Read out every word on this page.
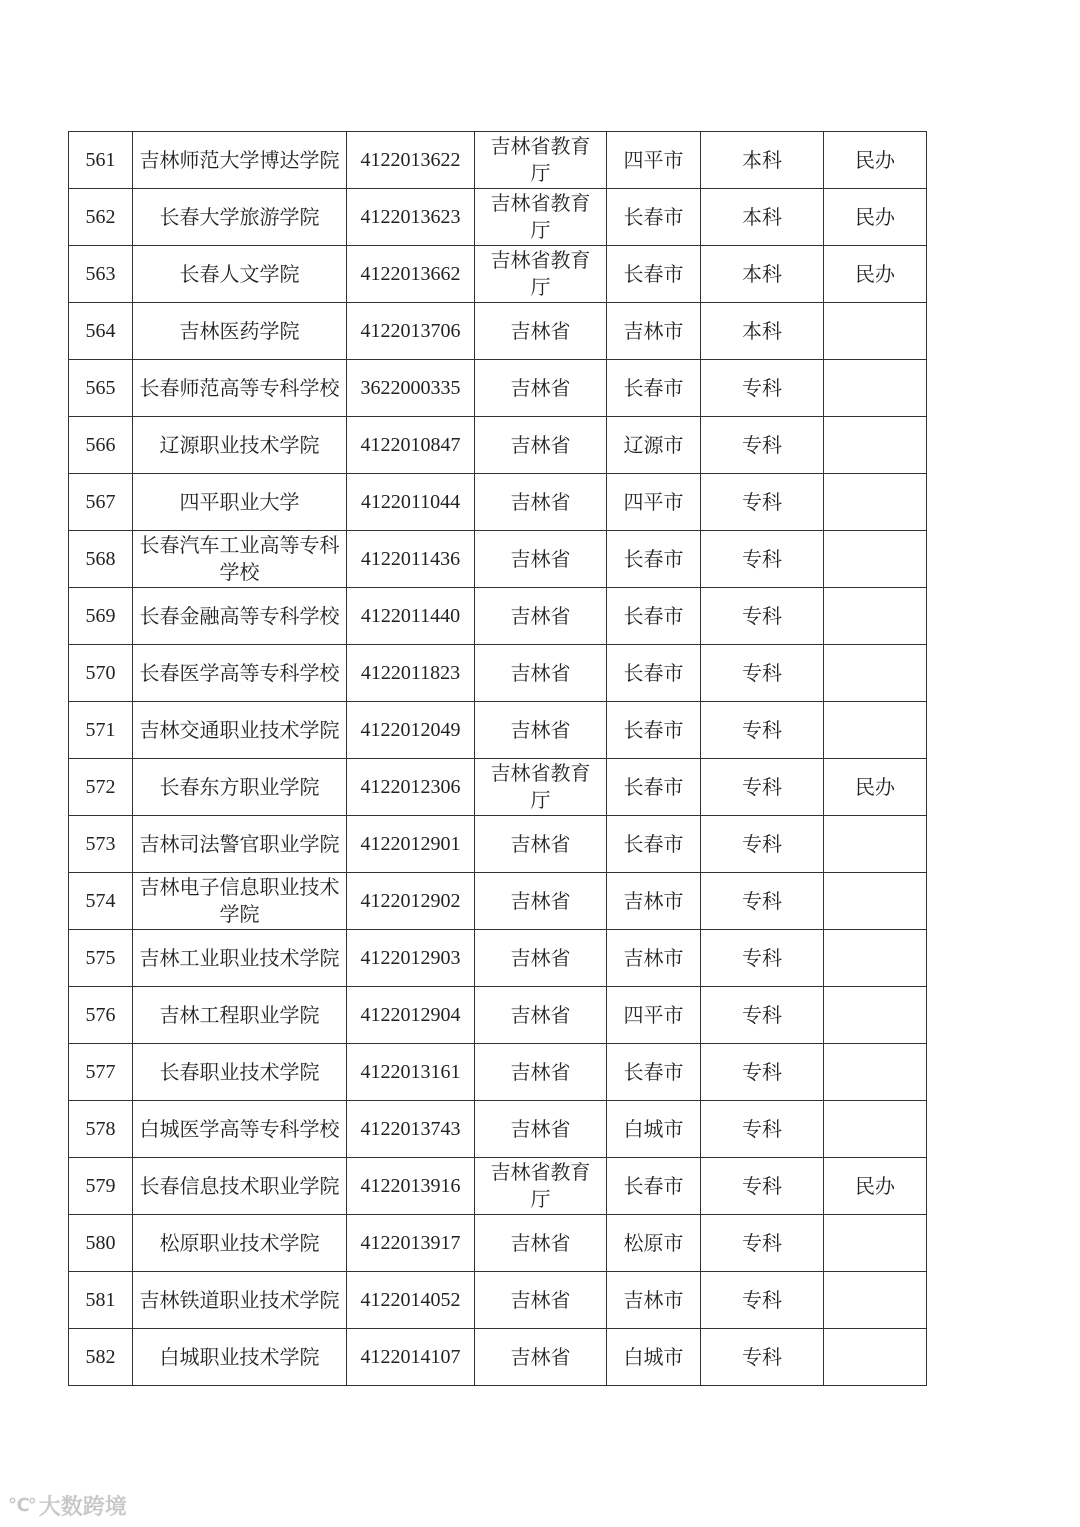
561	吉林师范大学博达学院	4122013622	吉林省教育厅	四平市	本科	民办
562	长春大学旅游学院	4122013623	吉林省教育厅	长春市	本科	民办
563	长春人文学院	4122013662	吉林省教育厅	长春市	本科	民办
564	吉林医药学院	4122013706	吉林省	吉林市	本科	
565	长春师范高等专科学校	3622000335	吉林省	长春市	专科	
566	辽源职业技术学院	4122010847	吉林省	辽源市	专科	
567	四平职业大学	4122011044	吉林省	四平市	专科	
568	长春汽车工业高等专科学校	4122011436	吉林省	长春市	专科	
569	长春金融高等专科学校	4122011440	吉林省	长春市	专科	
570	长春医学高等专科学校	4122011823	吉林省	长春市	专科	
571	吉林交通职业技术学院	4122012049	吉林省	长春市	专科	
572	长春东方职业学院	4122012306	吉林省教育厅	长春市	专科	民办
573	吉林司法警官职业学院	4122012901	吉林省	长春市	专科	
574	吉林电子信息职业技术学院	4122012902	吉林省	吉林市	专科	
575	吉林工业职业技术学院	4122012903	吉林省	吉林市	专科	
576	吉林工程职业学院	4122012904	吉林省	四平市	专科	
577	长春职业技术学院	4122013161	吉林省	长春市	专科	
578	白城医学高等专科学校	4122013743	吉林省	白城市	专科	
579	长春信息技术职业学院	4122013916	吉林省教育厅	长春市	专科	民办
580	松原职业技术学院	4122013917	吉林省	松原市	专科	
581	吉林铁道职业技术学院	4122014052	吉林省	吉林市	专科	
582	白城职业技术学院	4122014107	吉林省	白城市	专科	
℃° 大数跨境
